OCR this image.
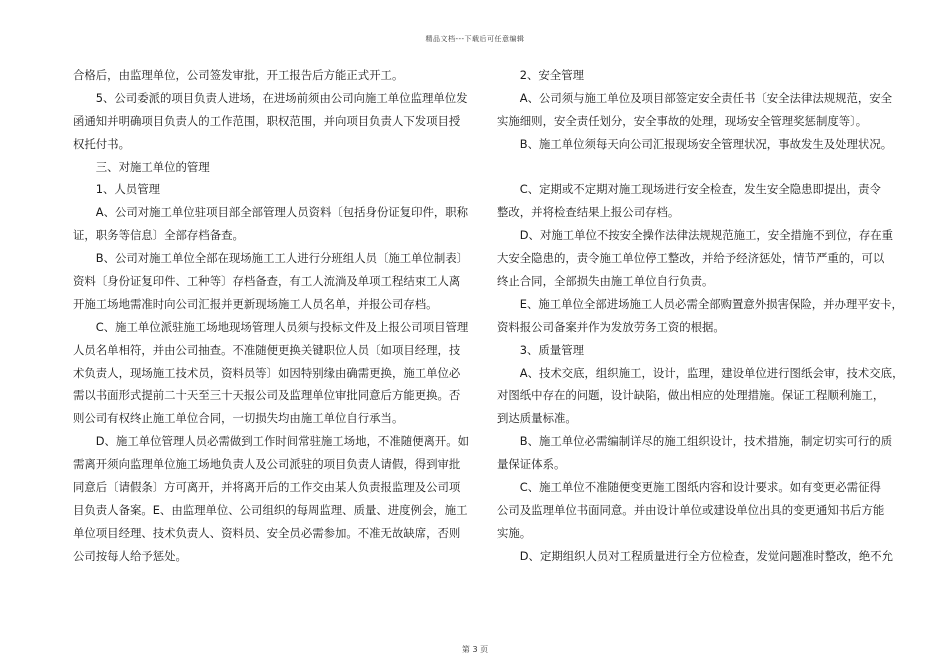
精品文档---下载后可任意编辑
合格后，由监理单位，公司签发审批，开工报告后方能正式开工。
　　5、公司委派的项目负责人进场，在进场前须由公司向施工单位监理单位发
函通知并明确项目负责人的工作范围，职权范围，并向项目负责人下发项目授
权托付书。
　　三、对施工单位的管理
　　1、人员管理
　　A、公司对施工单位驻项目部全部管理人员资料〔包括身份证复印件，职称
证，职务等信息〕全部存档备查。
　　B、公司对施工单位全部在现场施工工人进行分班组人员〔施工单位制表〕
资料〔身份证复印件、工种等〕存档备查，有工人流淌及单项工程结束工人离
开施工场地需准时向公司汇报并更新现场施工人员名单，并报公司存档。
　　C、施工单位派驻施工场地现场管理人员须与投标文件及上报公司项目管理
人员名单相符，并由公司抽查。不准随便更换关键职位人员〔如项目经理，技
术负责人，现场施工技术员，资料员等〕如因特别缘由确需更换，施工单位必
需以书面形式提前二十天至三十天报公司及监理单位审批同意后方能更换。否
则公司有权终止施工单位合同，一切损失均由施工单位自行承当。
　　D、施工单位管理人员必需做到工作时间常驻施工场地，不准随便离开。如
需离开须向监理单位施工场地负责人及公司派驻的项目负责人请假，得到审批
同意后〔请假条〕方可离开，并将离开后的工作交由某人负责报监理及公司项
目负责人备案。E、由监理单位、公司组织的每周监理、质量、进度例会，施工
单位项目经理、技术负责人、资料员、安全员必需参加。不准无故缺席，否则
公司按每人给予惩处。
　　2、安全管理
　　A、公司须与施工单位及项目部签定安全责任书〔安全法律法规规范，安全
实施细则，安全责任划分，安全事故的处理，现场安全管理奖惩制度等〕。
　　B、施工单位须每天向公司汇报现场安全管理状况，事故发生及处理状况。
　　C、定期或不定期对施工现场进行安全检查，发生安全隐患即提出，责令
整改，并将检查结果上报公司存档。
　　D、对施工单位不按安全操作法律法规规范施工，安全措施不到位，存在重
大安全隐患的，责令施工单位停工整改，并给予经济惩处，情节严重的，可以
终止合同，全部损失由施工单位自行负责。
　　E、施工单位全部进场施工人员必需全部购置意外损害保险，并办理平安卡，
资料报公司备案并作为发放劳务工资的根据。
　　3、质量管理
　　A、技术交底，组织施工，设计，监理，建设单位进行图纸会审，技术交底，
对图纸中存在的问题，设计缺陷，做出相应的处理措施。保证工程顺利施工，
到达质量标准。
　　B、施工单位必需编制详尽的施工组织设计，技术措施，制定切实可行的质
量保证体系。
　　C、施工单位不准随便变更施工图纸内容和设计要求。如有变更必需征得
公司及监理单位书面同意。并由设计单位或建设单位出具的变更通知书后方能
实施。
　　D、定期组织人员对工程质量进行全方位检查，发觉问题准时整改，绝不允
第 3 页
